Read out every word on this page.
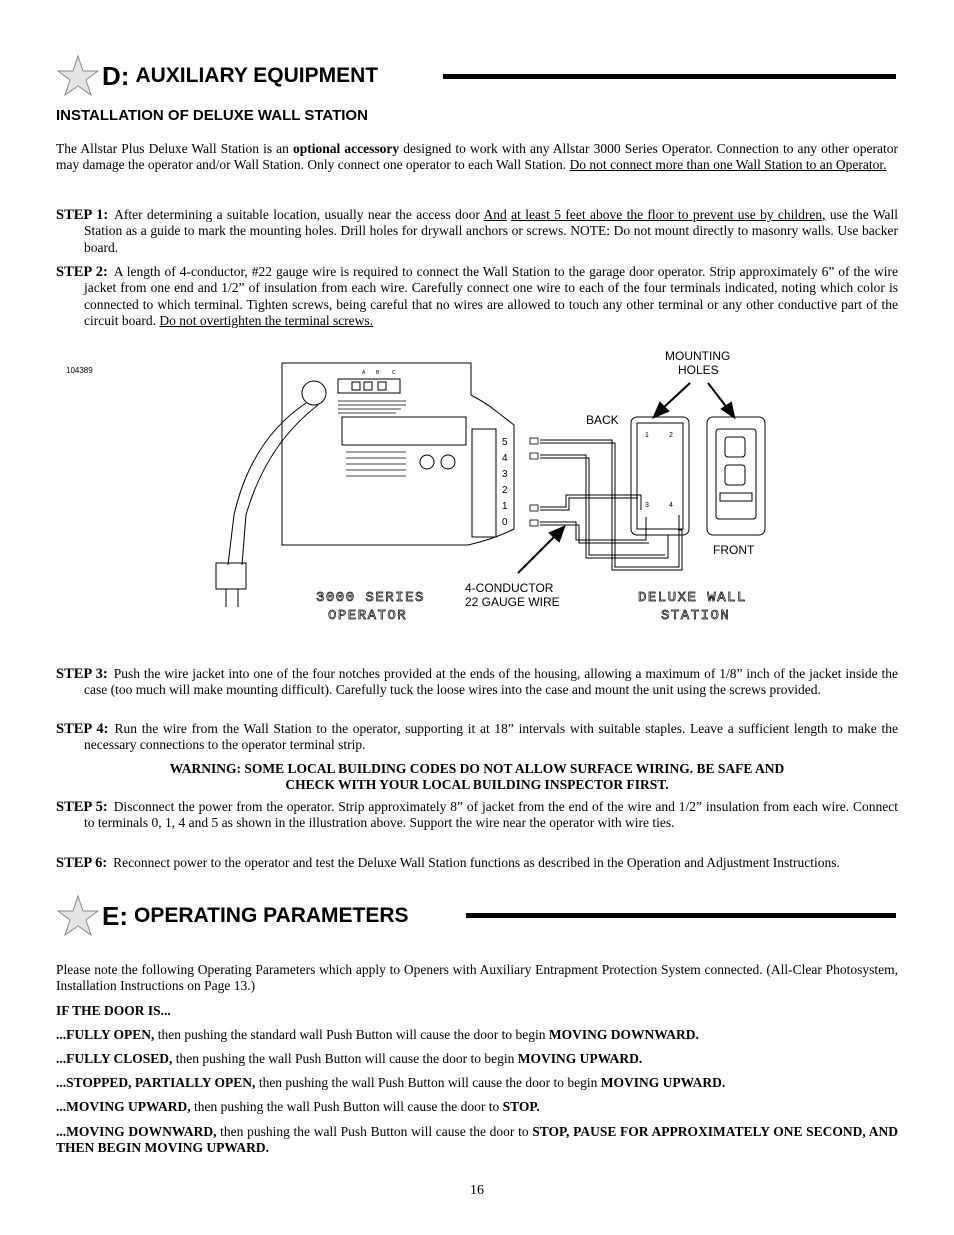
D: AUXILIARY EQUIPMENT
INSTALLATION OF DELUXE WALL STATION
The Allstar Plus Deluxe Wall Station is an optional accessory designed to work with any Allstar 3000 Series Operator. Connection to any other operator may damage the operator and/or Wall Station. Only connect one operator to each Wall Station. Do not connect more than one Wall Station to an Operator.
STEP 1: After determining a suitable location, usually near the access door And at least 5 feet above the floor to prevent use by children, use the Wall Station as a guide to mark the mounting holes. Drill holes for drywall anchors or screws. NOTE: Do not mount directly to masonry walls. Use backer board.
STEP 2: A length of 4-conductor, #22 gauge wire is required to connect the Wall Station to the garage door operator. Strip approximately 6” of the wire jacket from one end and 1/2” of insulation from each wire. Carefully connect one wire to each of the four terminals indicated, noting which color is connected to which terminal. Tighten screws, being careful that no wires are allowed to touch any other terminal or any other conductive part of the circuit board. Do not overtighten the terminal screws.
104389	A B	C
5
4
3
2
1
0
1	2
3	4
MOUNTING
HOLES
BACK
FRONT
4-CONDUCTOR
22 GAUGE WIRE
3000 SERIES
OPERATOR
DELUXE WALL
STATION
STEP 3: Push the wire jacket into one of the four notches provided at the ends of the housing, allowing a maximum of 1/8” inch of the jacket inside the case (too much will make mounting difficult). Carefully tuck the loose wires into the case and mount the unit using the screws provided.
STEP 4: Run the wire from the Wall Station to the operator, supporting it at 18” intervals with suitable staples. Leave a sufficient length to make the necessary connections to the operator terminal strip.
WARNING: SOME LOCAL BUILDING CODES DO NOT ALLOW SURFACE WIRING. BE SAFE AND
CHECK WITH YOUR LOCAL BUILDING INSPECTOR FIRST.
STEP 5: Disconnect the power from the operator. Strip approximately 8” of jacket from the end of the wire and 1/2” insulation from each wire. Connect to terminals 0, 1, 4 and 5 as shown in the illustration above. Support the wire near the operator with wire ties.
STEP 6: Reconnect power to the operator and test the Deluxe Wall Station functions as described in the Operation and Adjustment Instructions.
E: OPERATING PARAMETERS
Please note the following Operating Parameters which apply to Openers with Auxiliary Entrapment Protection System connected. (All-Clear Photosystem, Installation Instructions on Page 13.)
IF THE DOOR IS...
...FULLY OPEN, then pushing the standard wall Push Button will cause the door to begin MOVING DOWNWARD.
...FULLY CLOSED, then pushing the wall Push Button will cause the door to begin MOVING UPWARD.
...STOPPED, PARTIALLY OPEN, then pushing the wall Push Button will cause the door to begin MOVING UPWARD.
...MOVING UPWARD, then pushing the wall Push Button will cause the door to STOP.
...MOVING DOWNWARD, then pushing the wall Push Button will cause the door to STOP, PAUSE FOR APPROXIMATELY ONE SECOND, AND THEN BEGIN MOVING UPWARD.
16
